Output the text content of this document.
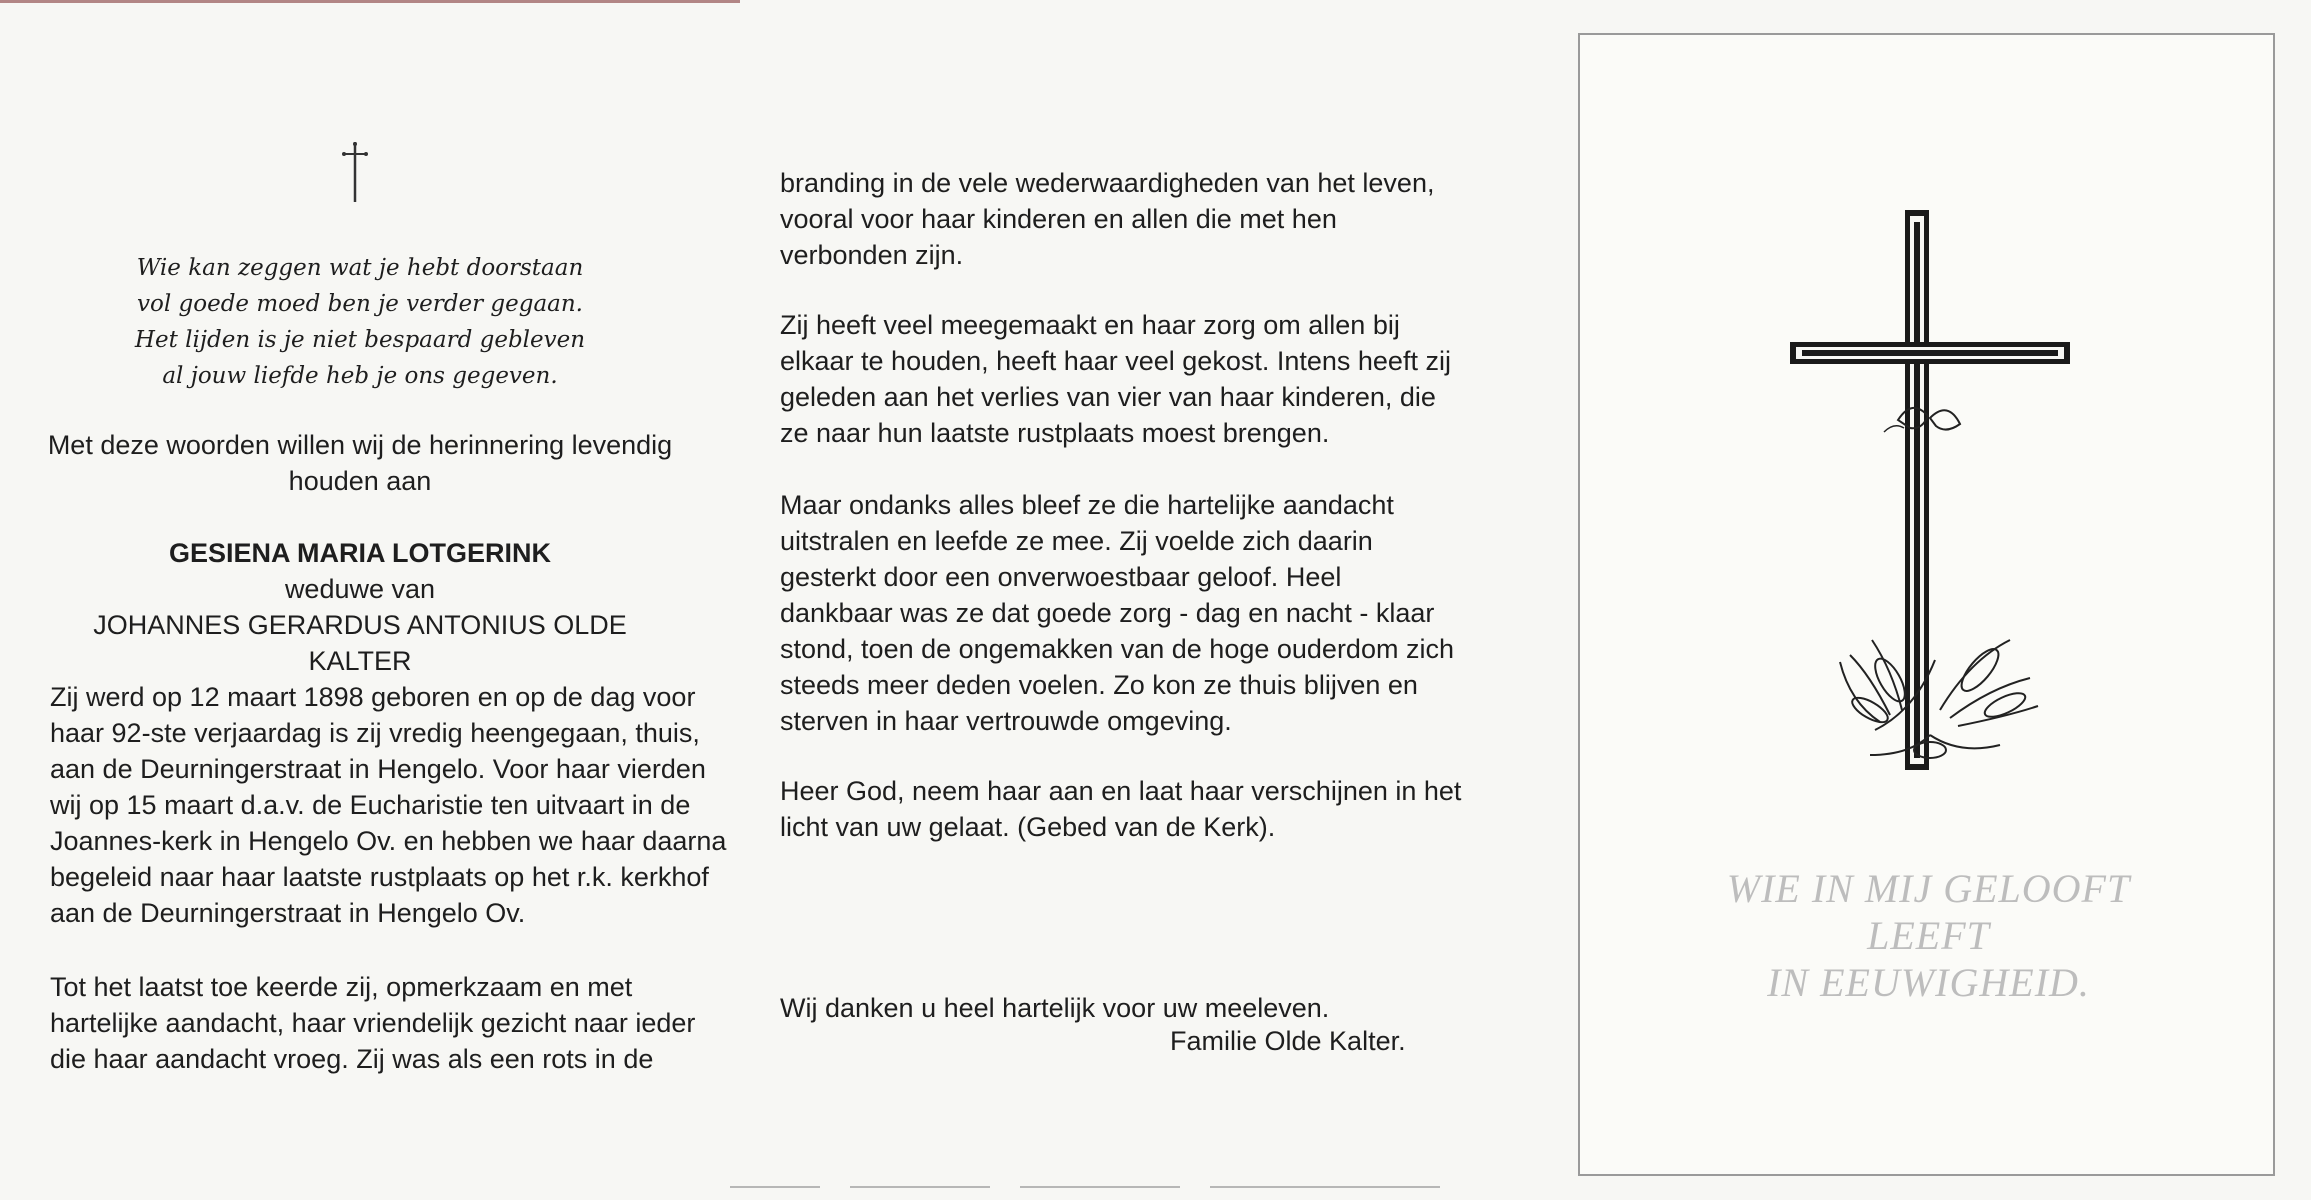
Wie kan zeggen wat je hebt doorstaan
vol goede moed ben je verder gegaan.
Het lijden is je niet bespaard gebleven
al jouw liefde heb je ons gegeven.
Met deze woorden willen wij de herinnering levendig
houden aan
GESIENA MARIA LOTGERINK
weduwe van
JOHANNES GERARDUS ANTONIUS OLDE KALTER
Zij werd op 12 maart 1898 geboren en op de dag voor
haar 92-ste verjaardag is zij vredig heengegaan, thuis,
aan de Deurningerstraat in Hengelo. Voor haar vierden
wij op 15 maart d.a.v. de Eucharistie ten uitvaart in de
Joannes-kerk in Hengelo Ov. en hebben we haar daarna
begeleid naar haar laatste rustplaats op het r.k. kerkhof
aan de Deurningerstraat in Hengelo Ov.
Tot het laatst toe keerde zij, opmerkzaam en met
hartelijke aandacht, haar vriendelijk gezicht naar ieder
die haar aandacht vroeg. Zij was als een rots in de
branding in de vele wederwaardigheden van het leven,
vooral voor haar kinderen en allen die met hen
verbonden zijn.
Zij heeft veel meegemaakt en haar zorg om allen bij
elkaar te houden, heeft haar veel gekost. Intens heeft zij
geleden aan het verlies van vier van haar kinderen, die
ze naar hun laatste rustplaats moest brengen.
Maar ondanks alles bleef ze die hartelijke aandacht
uitstralen en leefde ze mee. Zij voelde zich daarin
gesterkt door een onverwoestbaar geloof. Heel
dankbaar was ze dat goede zorg - dag en nacht - klaar
stond, toen de ongemakken van de hoge ouderdom zich
steeds meer deden voelen. Zo kon ze thuis blijven en
sterven in haar vertrouwde omgeving.
Heer God, neem haar aan en laat haar verschijnen in het
licht van uw gelaat. (Gebed van de Kerk).
Wij danken u heel hartelijk voor uw meeleven.
Familie Olde Kalter.
WIE IN MIJ GELOOFT
LEEFT
IN EEUWIGHEID.
